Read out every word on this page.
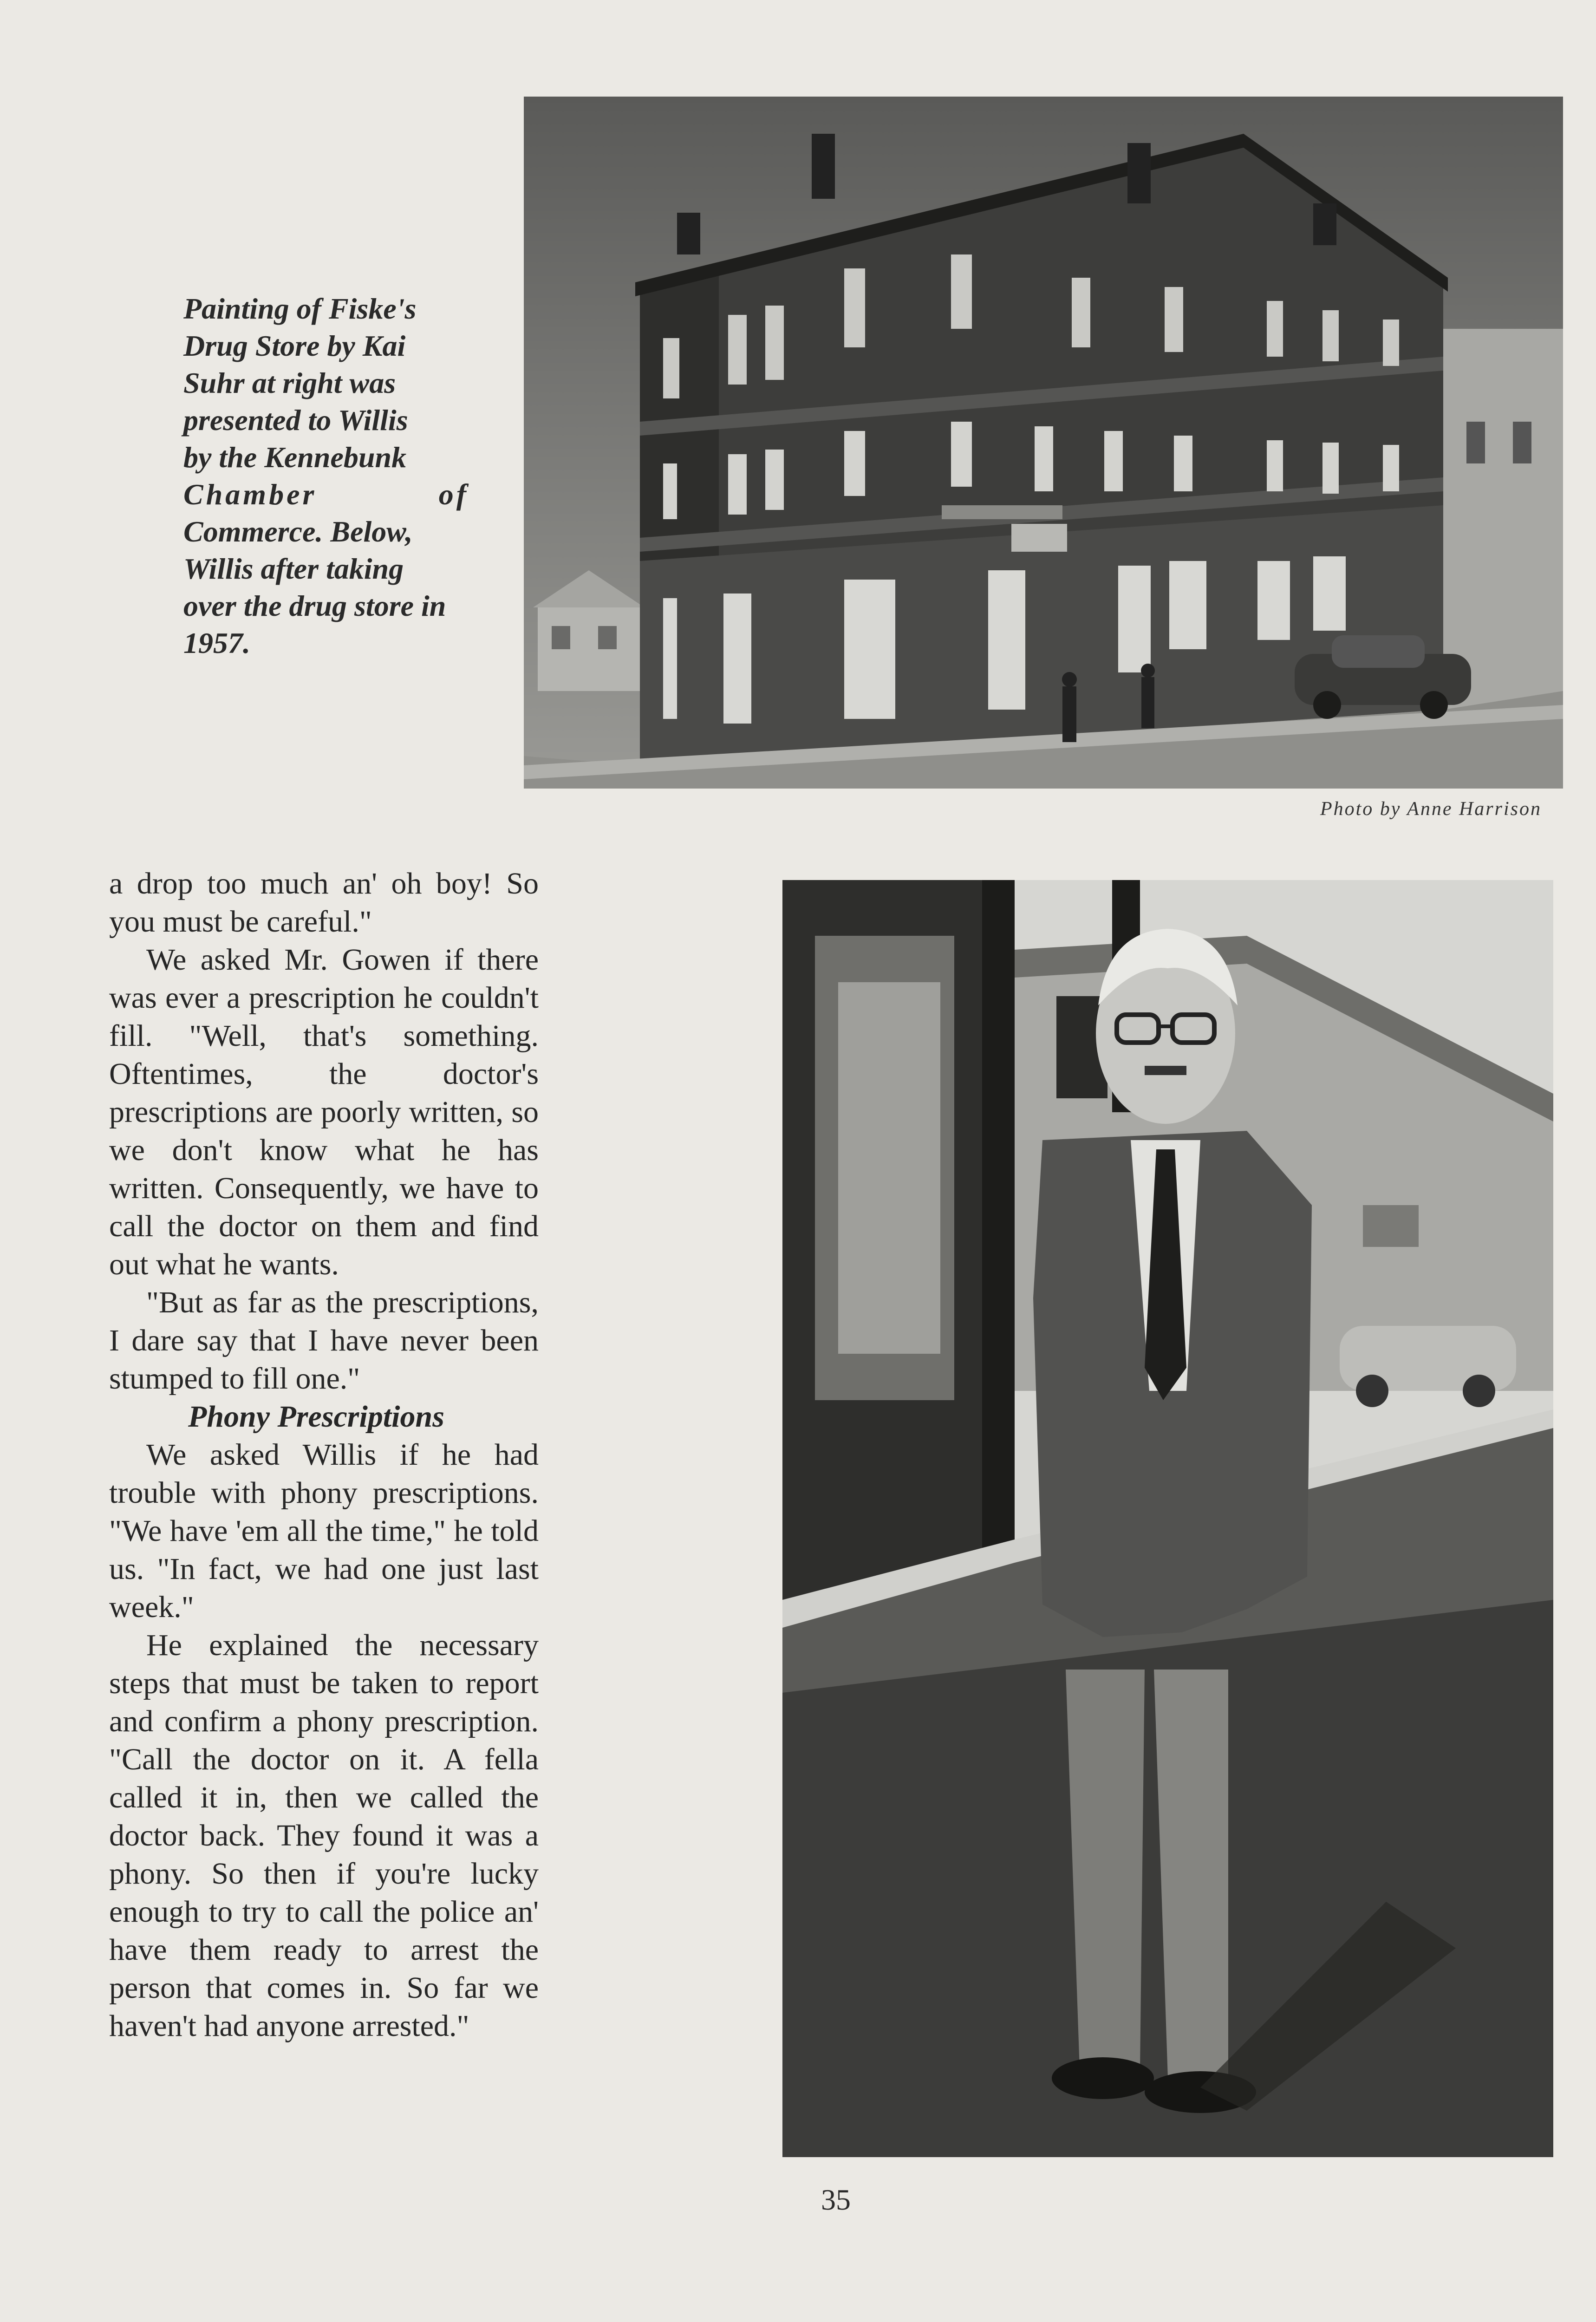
Painting of Fiske's
Drug Store by Kai
Suhr at right was
presented to Willis
by the Kennebunk
Chamber of
Commerce. Below,
Willis after taking
over the drug store in
1957.
Photo by Anne Harrison

a drop too much an' oh boy! So you must be careful."

We asked Mr. Gowen if there was ever a prescription he couldn't fill. "Well, that's something. Oftentimes, the doctor's prescriptions are poorly written, so we don't know what he has written. Consequently, we have to call the doctor on them and find out what he wants.

"But as far as the prescriptions, I dare say that I have never been stumped to fill one."

Phony Prescriptions

We asked Willis if he had trouble with phony prescriptions. "We have 'em all the time," he told us. "In fact, we had one just last week."

He explained the necessary steps that must be taken to report and confirm a phony prescription. "Call the doctor on it. A fella called it in, then we called the doctor back. They found it was a phony. So then if you're lucky enough to try to call the police an' have them ready to arrest the person that comes in. So far we haven't had anyone arrested."

35
